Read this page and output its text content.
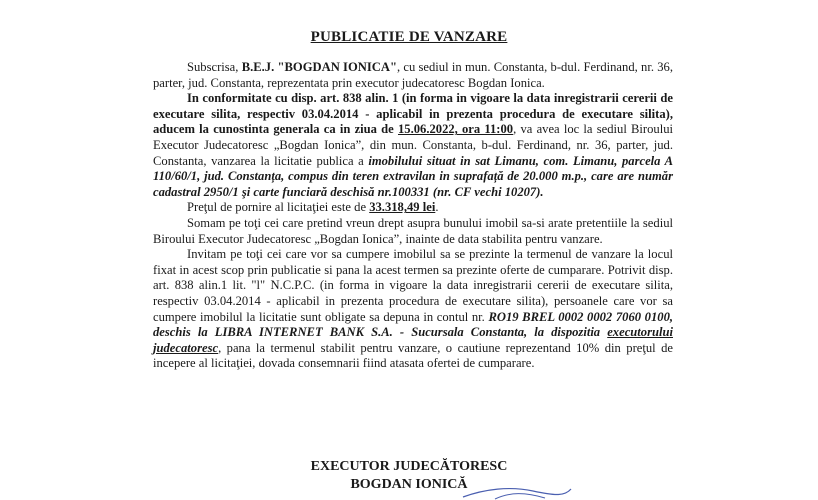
PUBLICATIE DE VANZARE

Subscrisa, B.E.J. "BOGDAN IONICA", cu sediul in mun. Constanta, b-dul. Ferdinand, nr. 36, parter, jud. Constanta, reprezentata prin executor judecatoresc Bogdan Ionica.

In conformitate cu disp. art. 838 alin. 1 (in forma in vigoare la data inregistrarii cererii de executare silita, respectiv 03.04.2014 - aplicabil in prezenta procedura de executare silita), aducem la cunostinta generala ca in ziua de 15.06.2022, ora 11:00, va avea loc la sediul Biroului Executor Judecatoresc „Bogdan Ionica”, din mun. Constanta, b-dul. Ferdinand, nr. 36, parter, jud. Constanta, vanzarea la licitatie publica a imobilului situat in sat Limanu, com. Limanu, parcela A 110/60/1, jud. Constanța, compus din teren extravilan in suprafață de 20.000 m.p., care are număr cadastral 2950/1 şi carte funciară deschisă nr.100331 (nr. CF vechi 10207).

Preţul de pornire al licitaţiei este de 33.318,49 lei.

Somam pe toţi cei care pretind vreun drept asupra bunului imobil sa-si arate pretentiile la sediul Biroului Executor Judecatoresc „Bogdan Ionica”, inainte de data stabilita pentru vanzare.

Invitam pe toţi cei care vor sa cumpere imobilul sa se prezinte la termenul de vanzare la locul fixat in acest scop prin publicatie si pana la acest termen sa prezinte oferte de cumparare. Potrivit disp. art. 838 alin.1 lit. "l" N.C.P.C. (in forma in vigoare la data inregistrarii cererii de executare silita, respectiv 03.04.2014 - aplicabil in prezenta procedura de executare silita), persoanele care vor sa cumpere imobilul la licitatie sunt obligate sa depuna in contul nr. RO19 BREL 0002 0002 7060 0100, deschis la LIBRA INTERNET BANK S.A. - Sucursala Constanta, la dispozitia executorului judecatoresc, pana la termenul stabilit pentru vanzare, o cautiune reprezentand 10% din preţul de incepere al licitaţiei, dovada consemnarii fiind atasata ofertei de cumparare.

EXECUTOR JUDECĂTORESC
BOGDAN IONICĂ
